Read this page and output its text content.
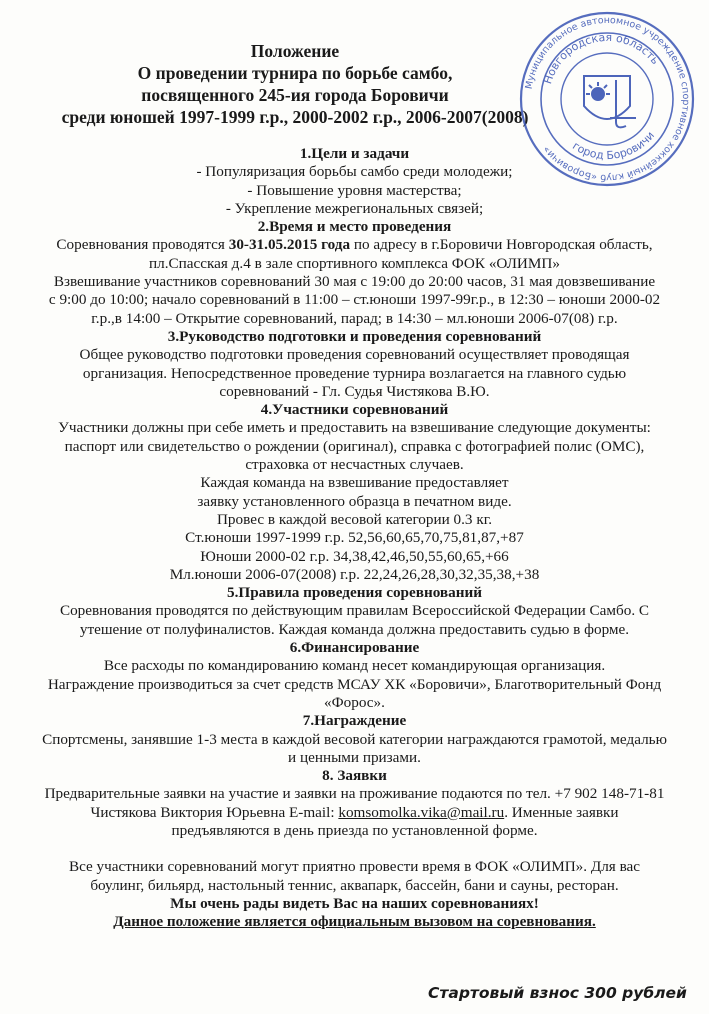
Положение
О проведении турнира по борьбе самбо,
посвященного 245-ия города Боровичи
среди юношей 1997-1999 г.р., 2000-2002 г.р., 2006-2007(2008)
Муниципальное автономное учреждение спортивное хоккейный клуб «Боровичи»
Новгородская область
город Боровичи
1.Цели и задачи
- Популяризация борьбы самбо среди молодежи;
- Повышение уровня мастерства;
- Укрепление межрегиональных связей;
2.Время и место проведения
Соревнования проводятся 30-31.05.2015 года по адресу в г.Боровичи Новгородская область,
пл.Спасская д.4 в зале спортивного комплекса ФОК «ОЛИМП»
Взвешивание участников соревнований 30 мая с 19:00 до 20:00 часов, 31 мая довзвешивание
с 9:00 до 10:00; начало соревнований в 11:00 – ст.юноши 1997-99г.р., в 12:30 – юноши 2000-02
г.р.,в 14:00 – Открытие соревнований, парад; в 14:30 – мл.юноши 2006-07(08) г.р.
3.Руководство подготовки и проведения соревнований
Общее руководство подготовки проведения соревнований осуществляет проводящая
организация. Непосредственное проведение турнира возлагается на главного судью
соревнований - Гл. Судья Чистякова В.Ю.
4.Участники соревнований
Участники должны при себе иметь и предоставить на взвешивание следующие документы:
паспорт или свидетельство о рождении (оригинал), справка с фотографией полис (ОМС),
страховка от несчастных случаев.
Каждая команда на взвешивание предоставляет
заявку установленного образца в печатном виде.
Провес в каждой весовой категории 0.3 кг.
Ст.юноши 1997-1999 г.р. 52,56,60,65,70,75,81,87,+87
Юноши 2000-02 г.р. 34,38,42,46,50,55,60,65,+66
Мл.юноши 2006-07(2008) г.р. 22,24,26,28,30,32,35,38,+38
5.Правила проведения соревнований
Соревнования проводятся по действующим правилам Всероссийской Федерации Самбо. С
утешение от полуфиналистов. Каждая команда должна предоставить судью в форме.
6.Финансирование
Все расходы по командированию команд несет командирующая организация.
Награждение производиться за счет средств МСАУ ХК «Боровичи», Благотворительный Фонд
«Форос».
7.Награждение
Спортсмены, занявшие 1-3 места в каждой весовой категории награждаются грамотой, медалью
и ценными призами.
8. Заявки
Предварительные заявки на участие и заявки на проживание подаются по тел. +7 902 148-71-81
Чистякова Виктория Юрьевна E-mail: komsomolka.vika@mail.ru. Именные заявки
предъявляются в день приезда по установленной форме.
Все участники соревнований могут приятно провести время в ФОК «ОЛИМП». Для вас
боулинг, бильярд, настольный теннис, аквапарк, бассейн, бани и сауны, ресторан.
Мы очень рады видеть Вас на наших соревнованиях!
Данное положение является официальным вызовом на соревнования.
Стартовый взнос 300 рублей
